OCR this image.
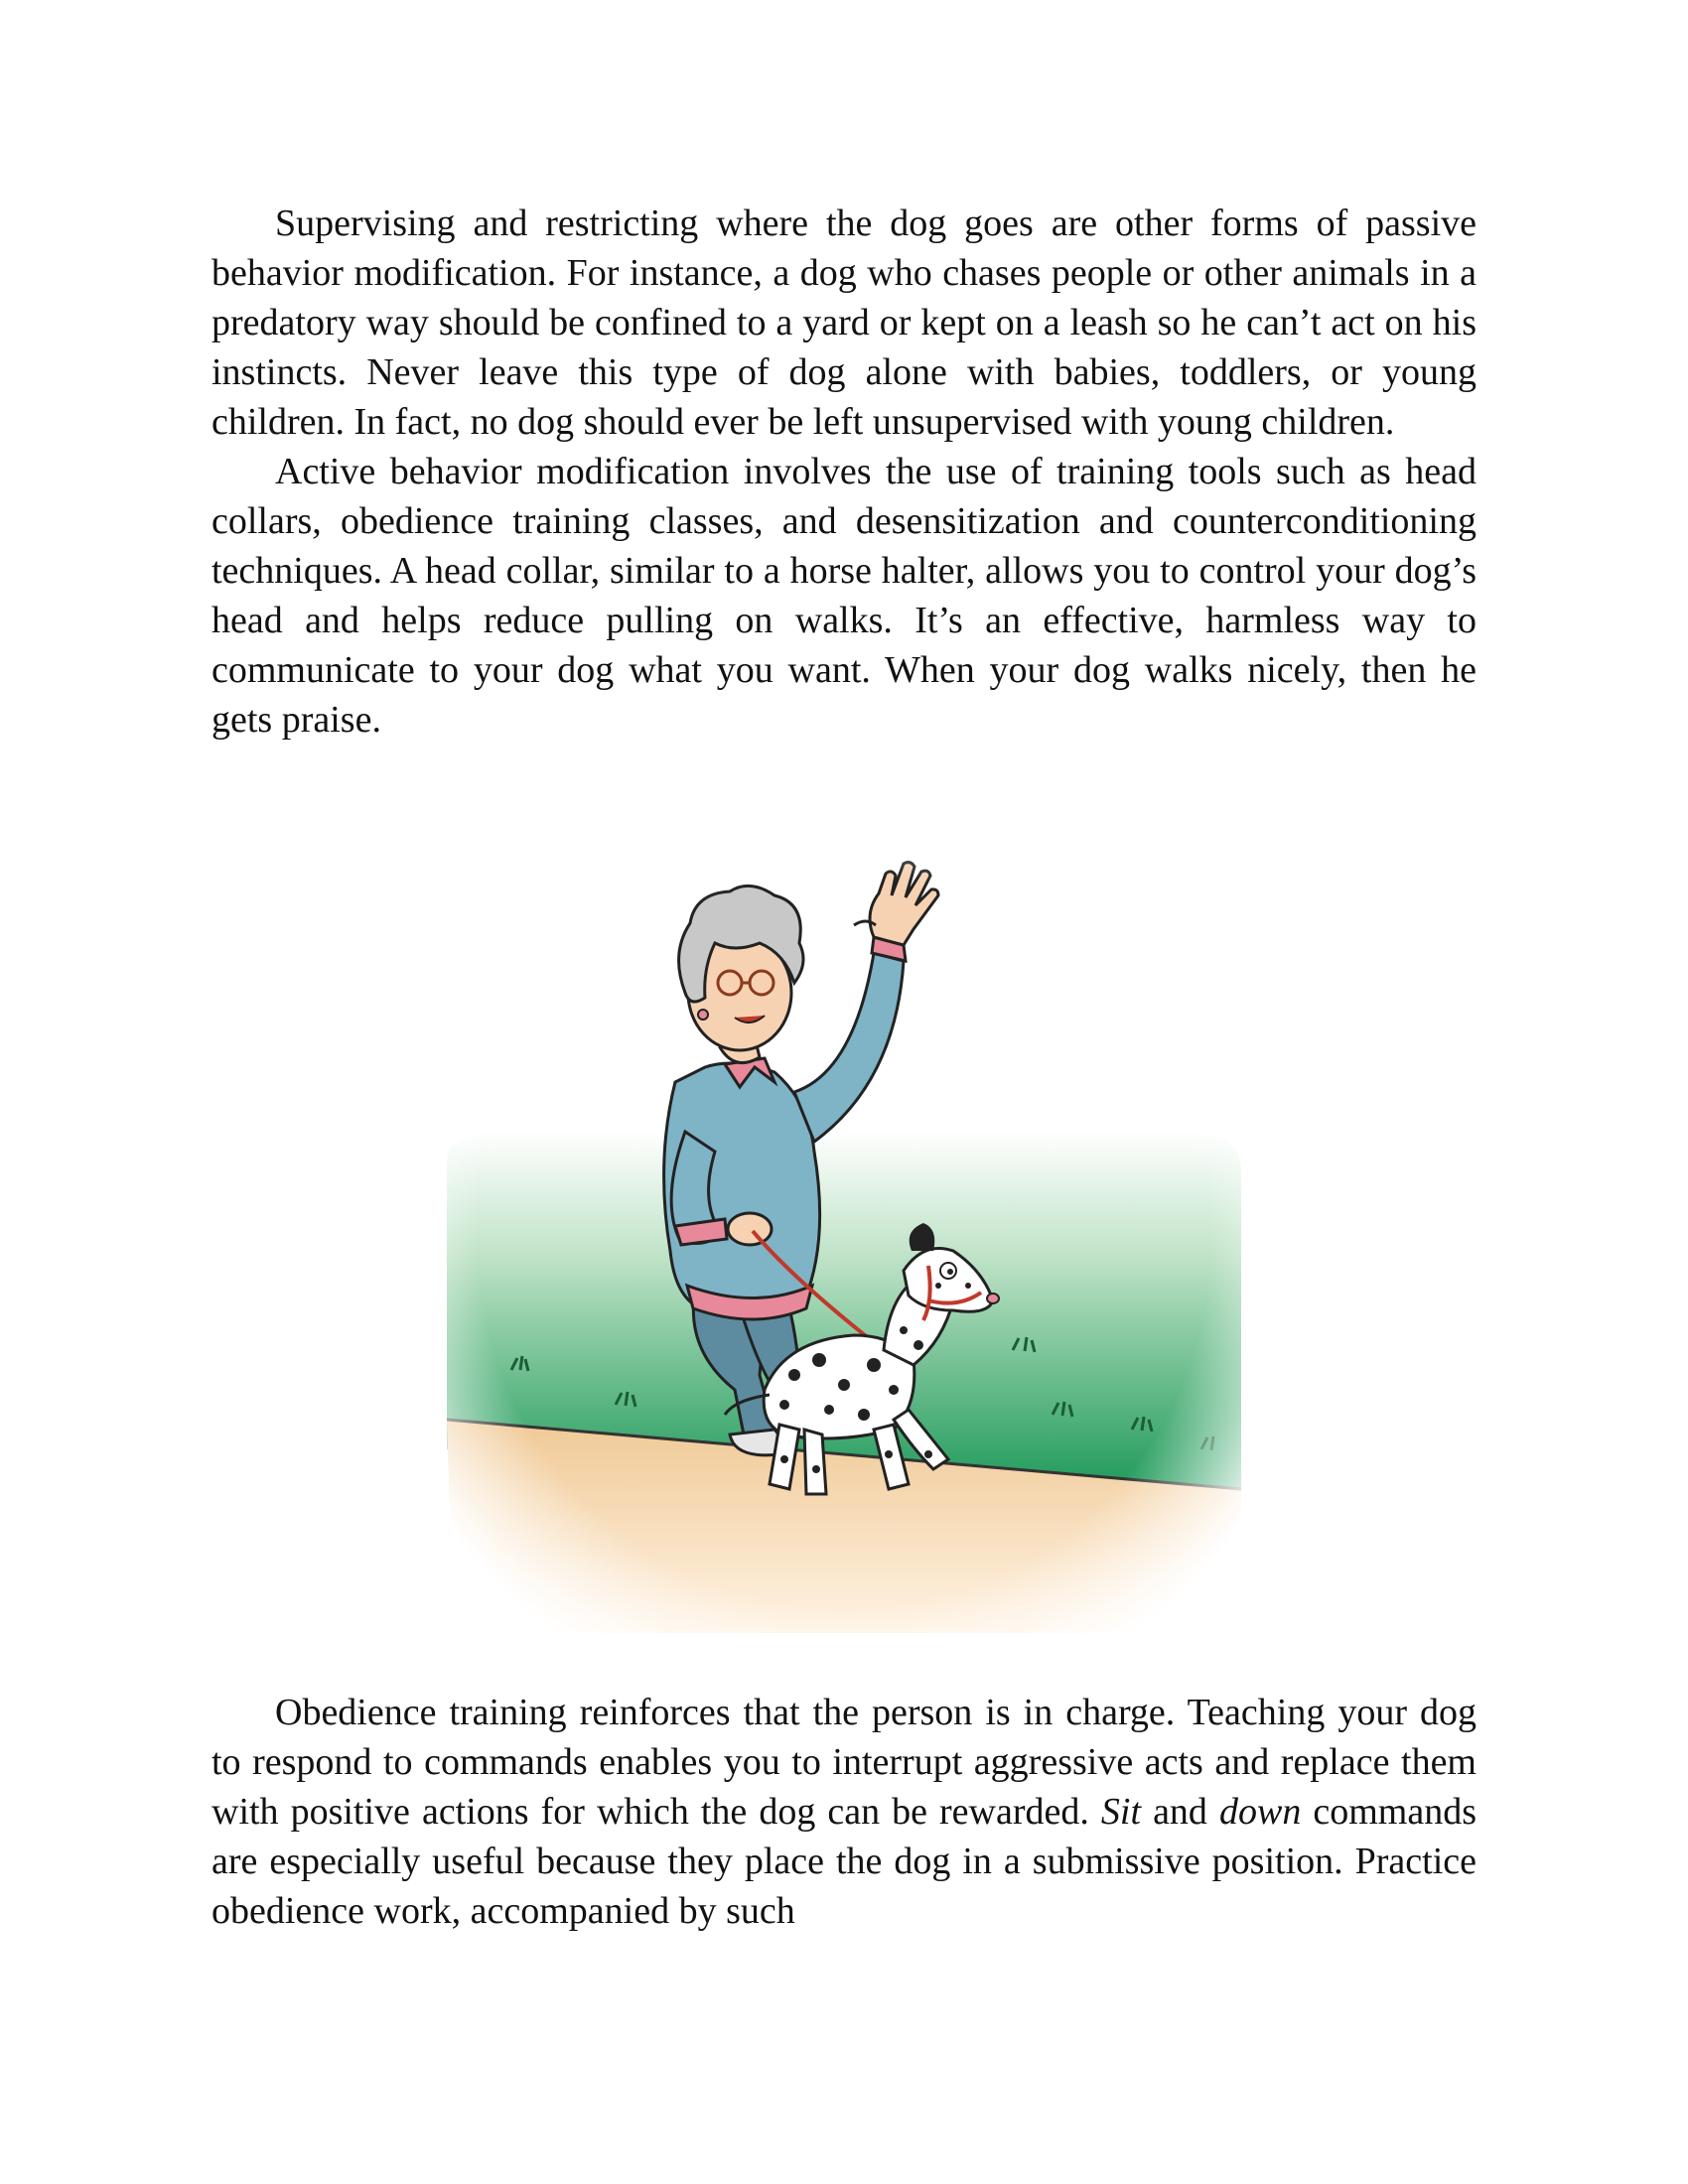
Supervising and restricting where the dog goes are other forms of passive behavior modification. For instance, a dog who chases people or other animals in a predatory way should be confined to a yard or kept on a leash so he can’t act on his instincts. Never leave this type of dog alone with babies, toddlers, or young children. In fact, no dog should ever be left unsupervised with young children.

Active behavior modification involves the use of training tools such as head collars, obedience training classes, and desensitization and counterconditioning techniques. A head collar, similar to a horse halter, allows you to control your dog’s head and helps reduce pulling on walks. It’s an effective, harmless way to communicate to your dog what you want. When your dog walks nicely, then he gets praise.

Obedience training reinforces that the person is in charge. Teaching your dog to respond to commands enables you to interrupt aggressive acts and replace them with positive actions for which the dog can be rewarded. Sit and down commands are especially useful because they place the dog in a submissive position. Practice obedience work, accompanied by such
